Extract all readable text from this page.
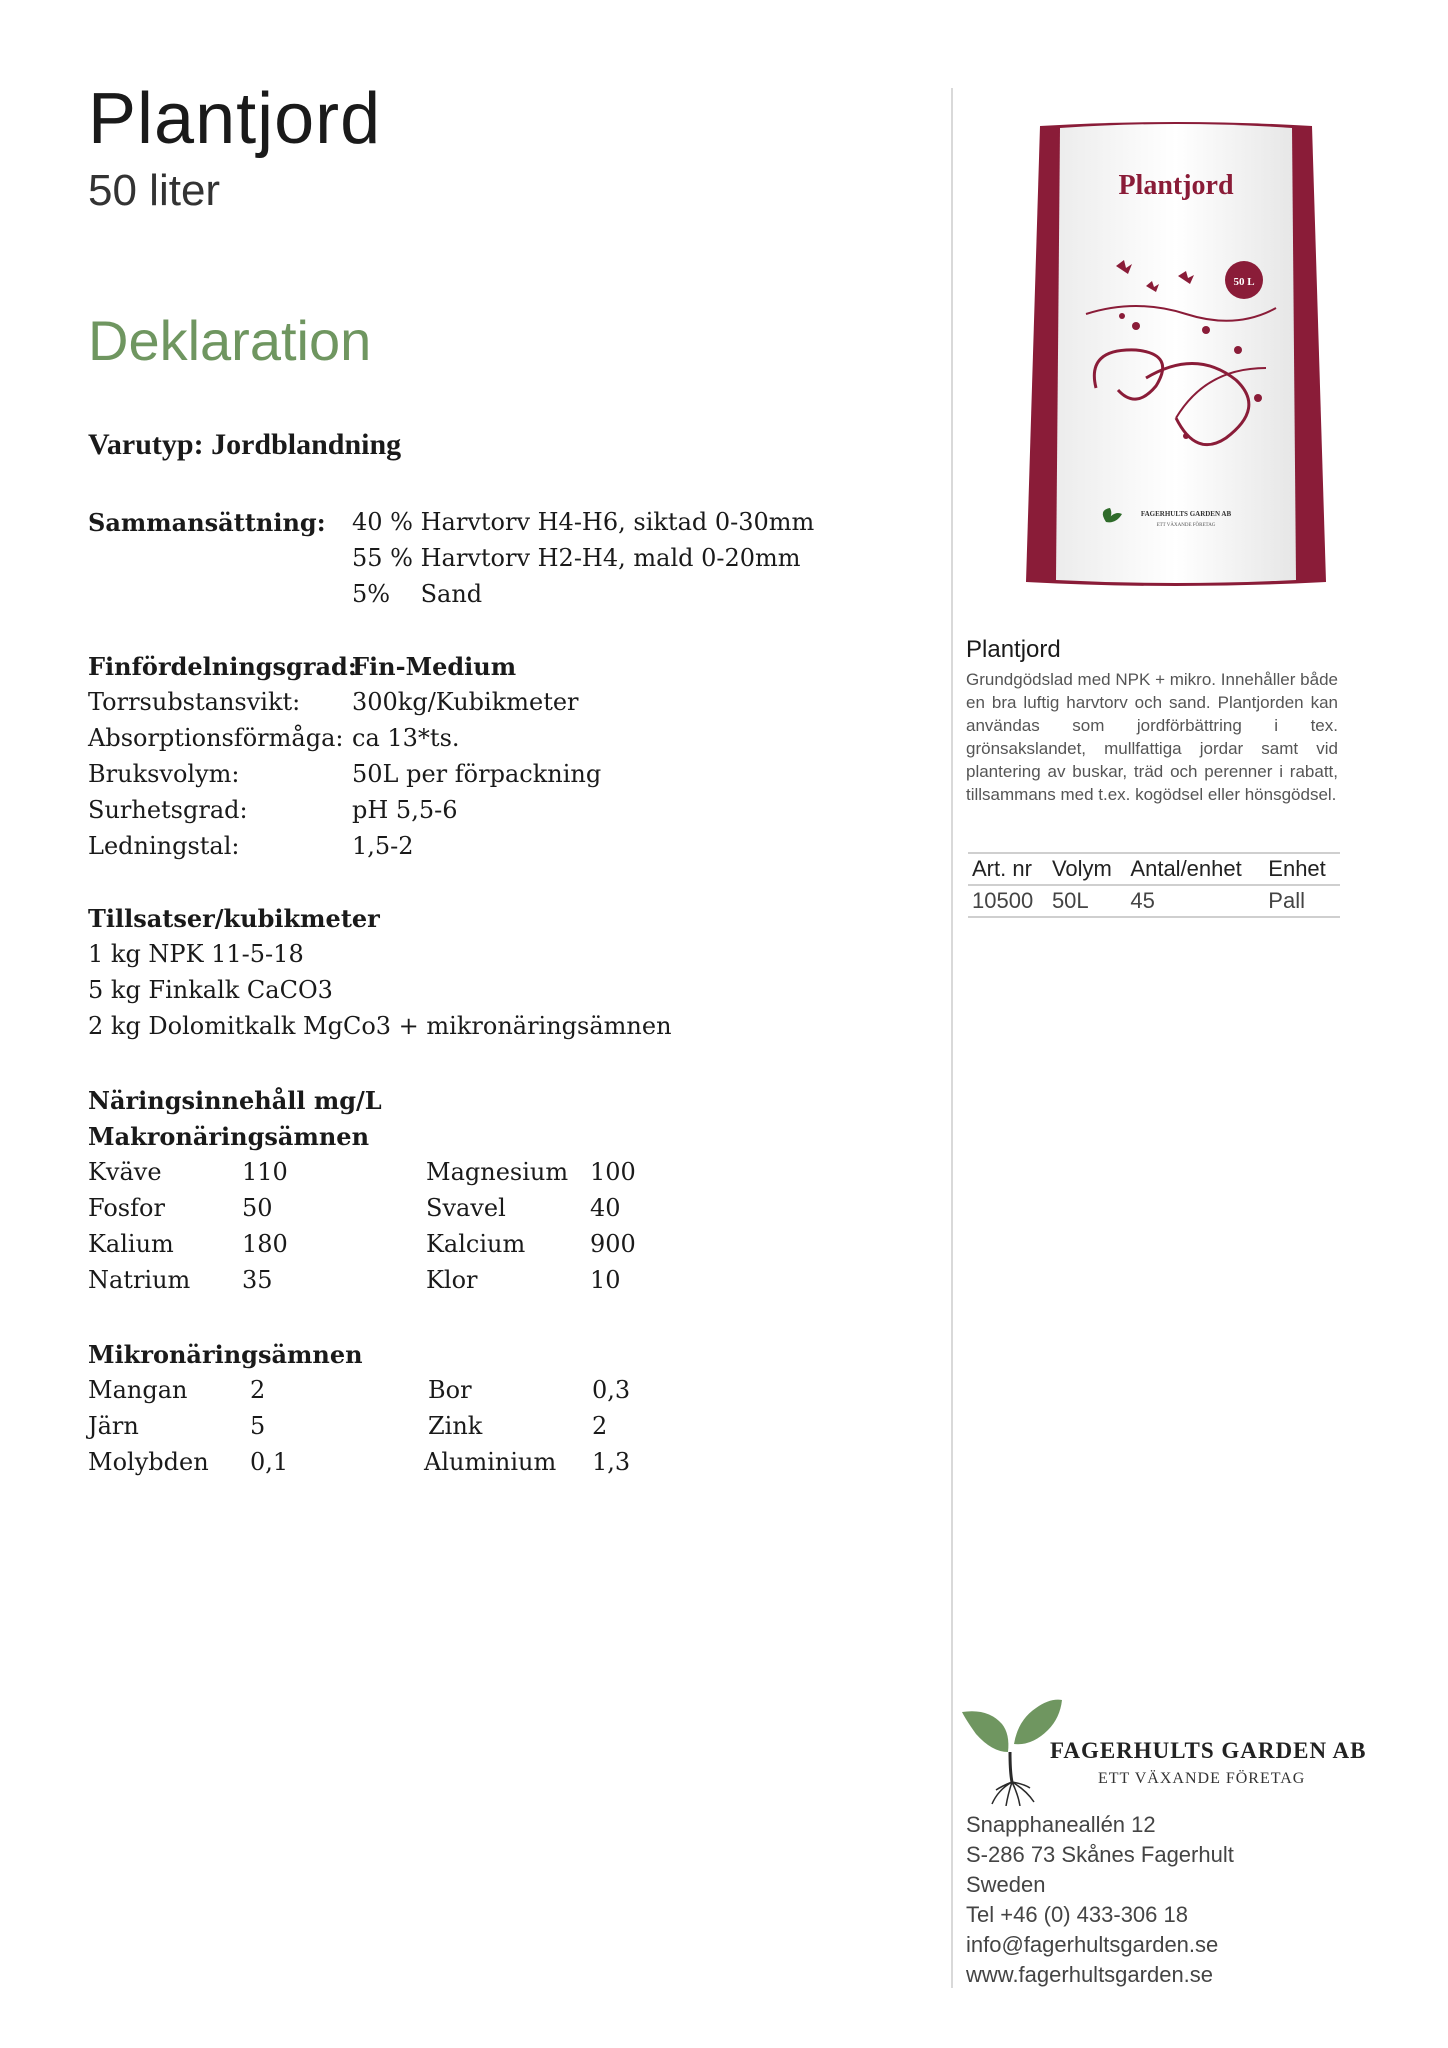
Plantjord
50 liter
Deklaration
Varutyp: Jordblandning
Sammansättning: 40 % Harvtorv H4-H6, siktad 0-30mm
55 % Harvtorv H2-H4, mald 0-20mm
5%    Sand
Finfördelningsgrad:
Fin-Medium
Torrsubstansvikt: 300kg/Kubikmeter
Absorptionsförmåga: ca 13*ts.
Bruksvolym:	50L per förpackning
Surhetsgrad:	pH 5,5-6
Ledningstal:	1,5-2
Tillsatser/kubikmeter
1 kg NPK 11-5-18
5 kg Finkalk CaCO3
2 kg Dolomitkalk MgCo3 + mikronäringsämnen
Näringsinnehåll mg/L
Makronäringsämnen
Kväve	110	Magnesium 100
Fosfor	50	Svavel	40
Kalium	180	Kalcium	900
Natrium 35	Klor	10
Mikronäringsämnen
Mangan	2	Bor	0,3
Järn	5	Zink	2
Molybden 0,1	Aluminium 1,3
Plantjord
50 L
FAGERHULTS GARDEN AB
ETT VÄXANDE FÖRETAG
Plantjord
Grundgödslad med NPK + mikro. Innehåller både en bra luftig harvtorv och sand. Plantjorden kan användas som jordförbättring i tex. grönsakslandet, mullfattiga jordar samt vid plantering av buskar, träd och perenner i rabatt, tillsammans med t.ex. kogödsel eller hönsgödsel.
Art. nr	Volym	Antal/enhet	Enhet
10500	50L	45	Pall
FAGERHULTS GARDEN AB
ETT VÄXANDE FÖRETAG
Snapphaneallén 12
S-286 73 Skånes Fagerhult
Sweden
Tel +46 (0) 433-306 18
info@fagerhultsgarden.se
www.fagerhultsgarden.se
